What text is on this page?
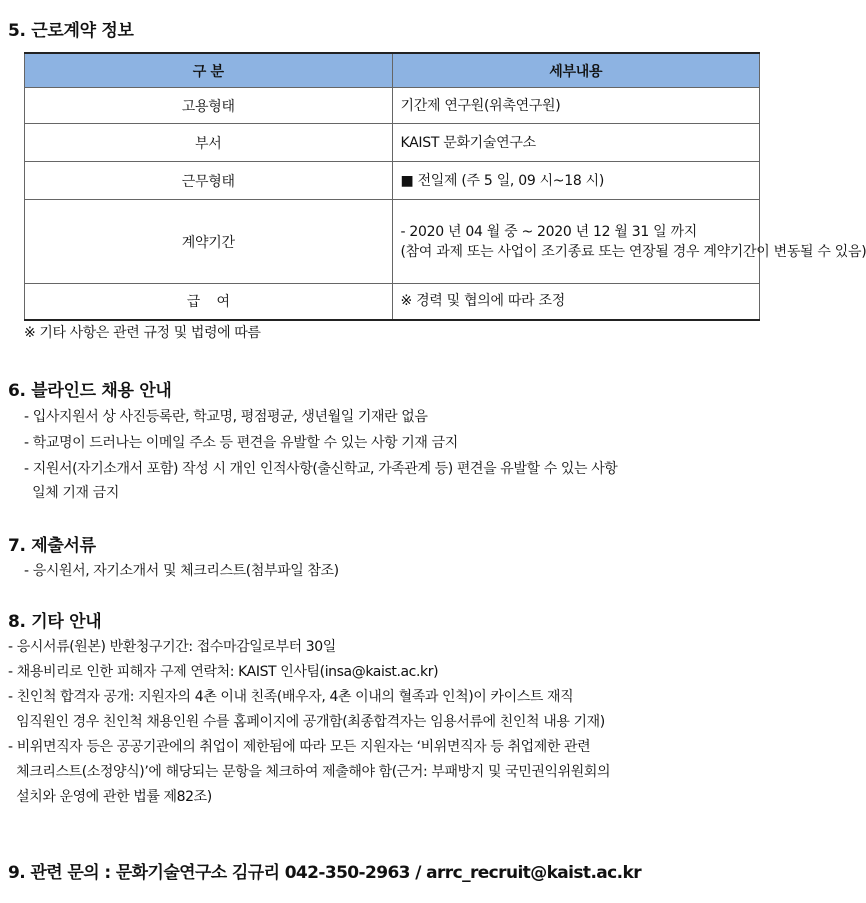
5. 근로계약 정보
구 분	세부내용
고용형태	기간제 연구원(위촉연구원)

부서	KAIST 문화기술연구소

근무형태	■ 전일제 (주 5 일, 09 시~18 시)

계약기간	- 2020 년 04 월 중 ~ 2020 년 12 월 31 일 까지
(참여 과제 또는 사업이 조기종료 또는 연장될 경우 계약기간이 변동될 수 있음)

급    여	※ 경력 및 협의에 따라 조정
※ 기타 사항은 관련 규정 및 법령에 따름
6. 블라인드 채용 안내
- 입사지원서 상 사진등록란, 학교명, 평점평균, 생년월일 기재란 없음
- 학교명이 드러나는 이메일 주소 등 편견을 유발할 수 있는 사항 기재 금지
- 지원서(자기소개서 포함) 작성 시 개인 인적사항(출신학교, 가족관계 등) 편견을 유발할 수 있는 사항
일체 기재 금지
7. 제출서류
- 응시원서, 자기소개서 및 체크리스트(첨부파일 참조)
8. 기타 안내
- 응시서류(원본) 반환청구기간: 접수마감일로부터 30일
- 채용비리로 인한 피해자 구제 연락처: KAIST 인사팀(insa@kaist.ac.kr)
- 친인척 합격자 공개: 지원자의 4촌 이내 친족(배우자, 4촌 이내의 혈족과 인척)이 카이스트 재직
임직원인 경우 친인척 채용인원 수를 홈페이지에 공개함(최종합격자는 임용서류에 친인척 내용 기재)
- 비위면직자 등은 공공기관에의 취업이 제한됨에 따라 모든 지원자는 ‘비위면직자 등 취업제한 관련
체크리스트(소정양식)’에 해당되는 문항을 체크하여 제출해야 함(근거: 부패방지 및 국민권익위원회의
설치와 운영에 관한 법률 제82조)
9. 관련 문의 : 문화기술연구소 김규리 042-350-2963 / arrc_recruit@kaist.ac.kr
